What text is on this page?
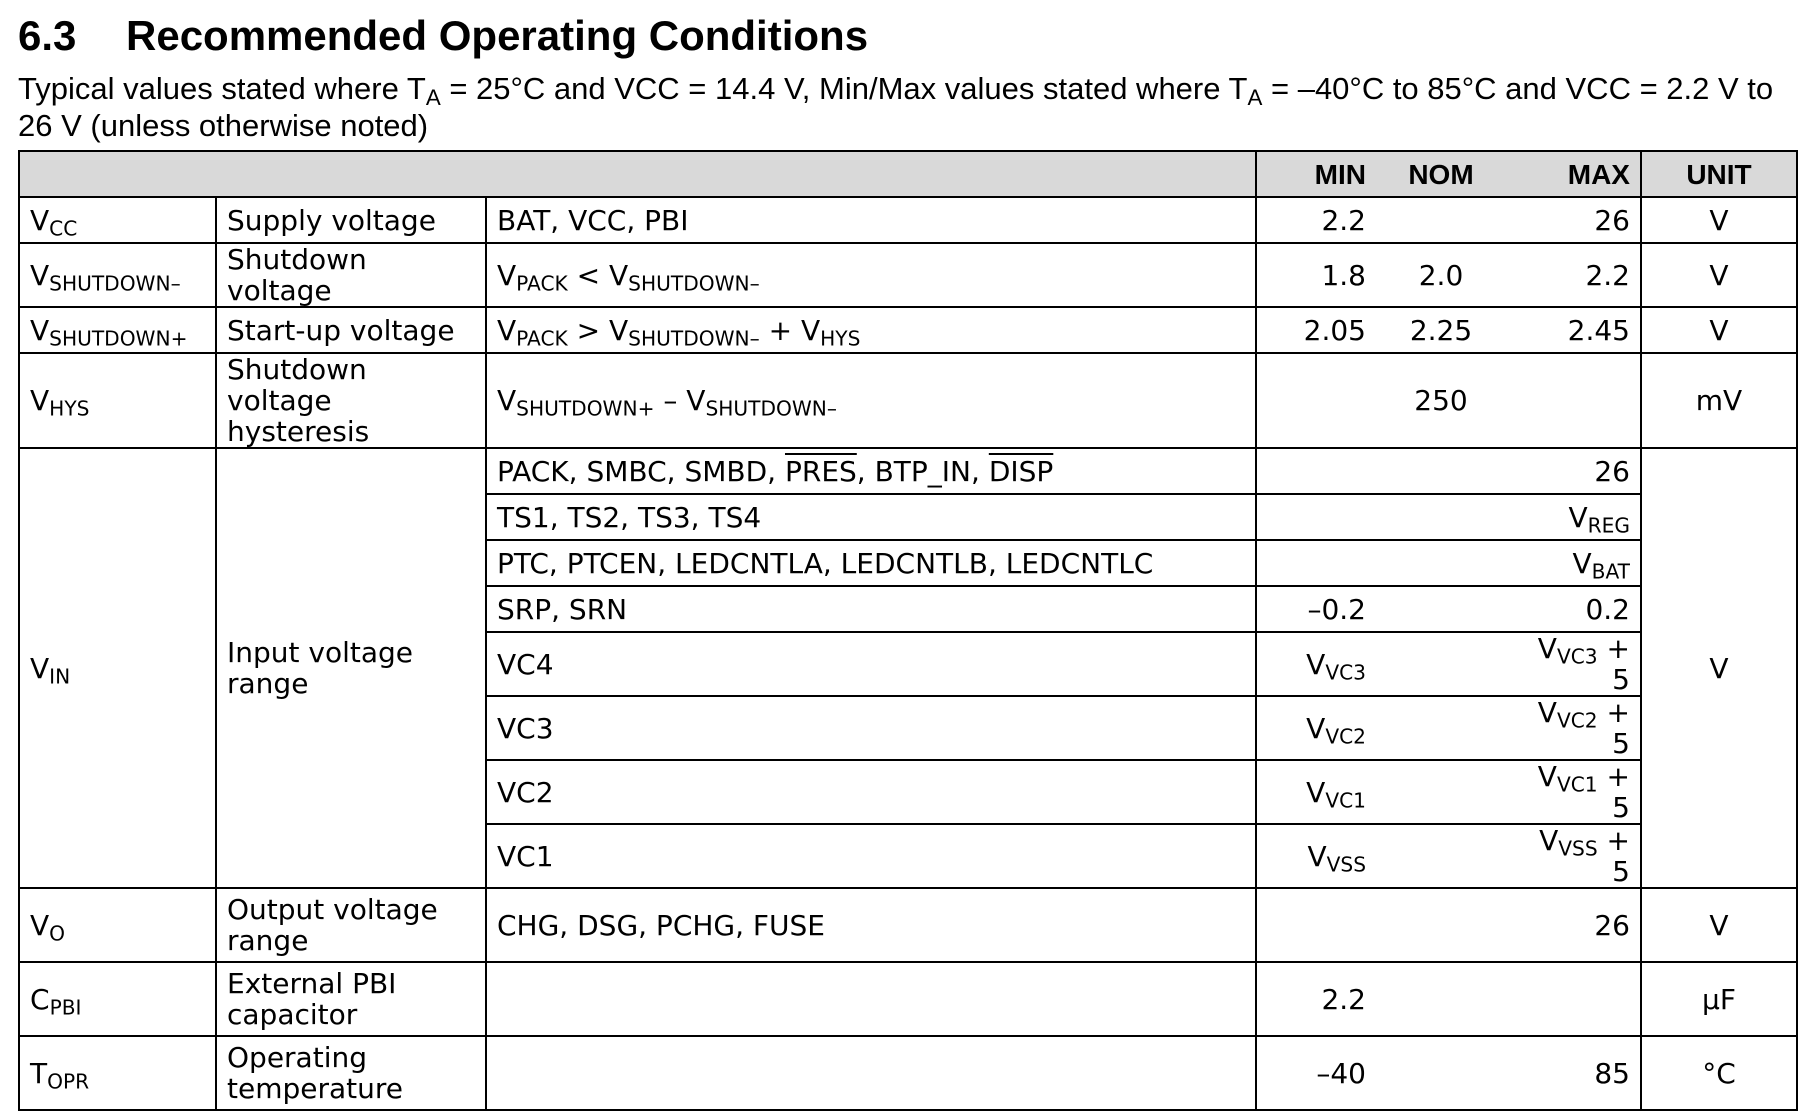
6.3 Recommended Operating Conditions
Typical values stated where $T_A = 25^\circ C$ and VCC = 14.4 V, Min/Max values stated where $T_A = -40^\circ C$ to 85°C and VCC = 2.2 V to 26 V (unless otherwise noted)
			MIN	NOM	MAX	UNIT
$V_{CC}$	Supply voltage	BAT, VCC, PBI	2.2		26	V
$V_{SHUTDOWN-}$	Shutdown voltage	$V_{PACK} < V_{SHUTDOWN-}$	1.8	2.0	2.2	V
$V_{SHUTDOWN+}$	Start-up voltage	$V_{PACK} > V_{SHUTDOWN-} + V_{HYS}$	2.05	2.25	2.45	V
$V_{HYS}$	Shutdown voltage hysteresis	$V_{SHUTDOWN+} - V_{SHUTDOWN-}$		250		mV
$V_{IN}$	Input voltage range	PACK, SMBC, SMBD, PRES, BTP_IN, DISP			26	V
		TS1, TS2, TS3, TS4			$V_{REG}$
		PTC, PTCEN, LEDCNTLA, LEDCNTLB, LEDCNTLC			$V_{BAT}$
		SRP, SRN	–0.2		0.2	
		VC4	$V_{VC3}$		$V_{VC3} + 5$	
		VC3	$V_{VC2}$		$V_{VC2} + 5$	
		VC2	$V_{VC1}$		$V_{VC1} + 5$	
		VC1	$V_{VSS}$		$V_{VSS} + 5$	
$V_O$	Output voltage range	CHG, DSG, PCHG, FUSE			26	V
$C_{PBI}$	External PBI capacitor		2.2			µF
$T_{OPR}$	Operating temperature		–40		85	°C
